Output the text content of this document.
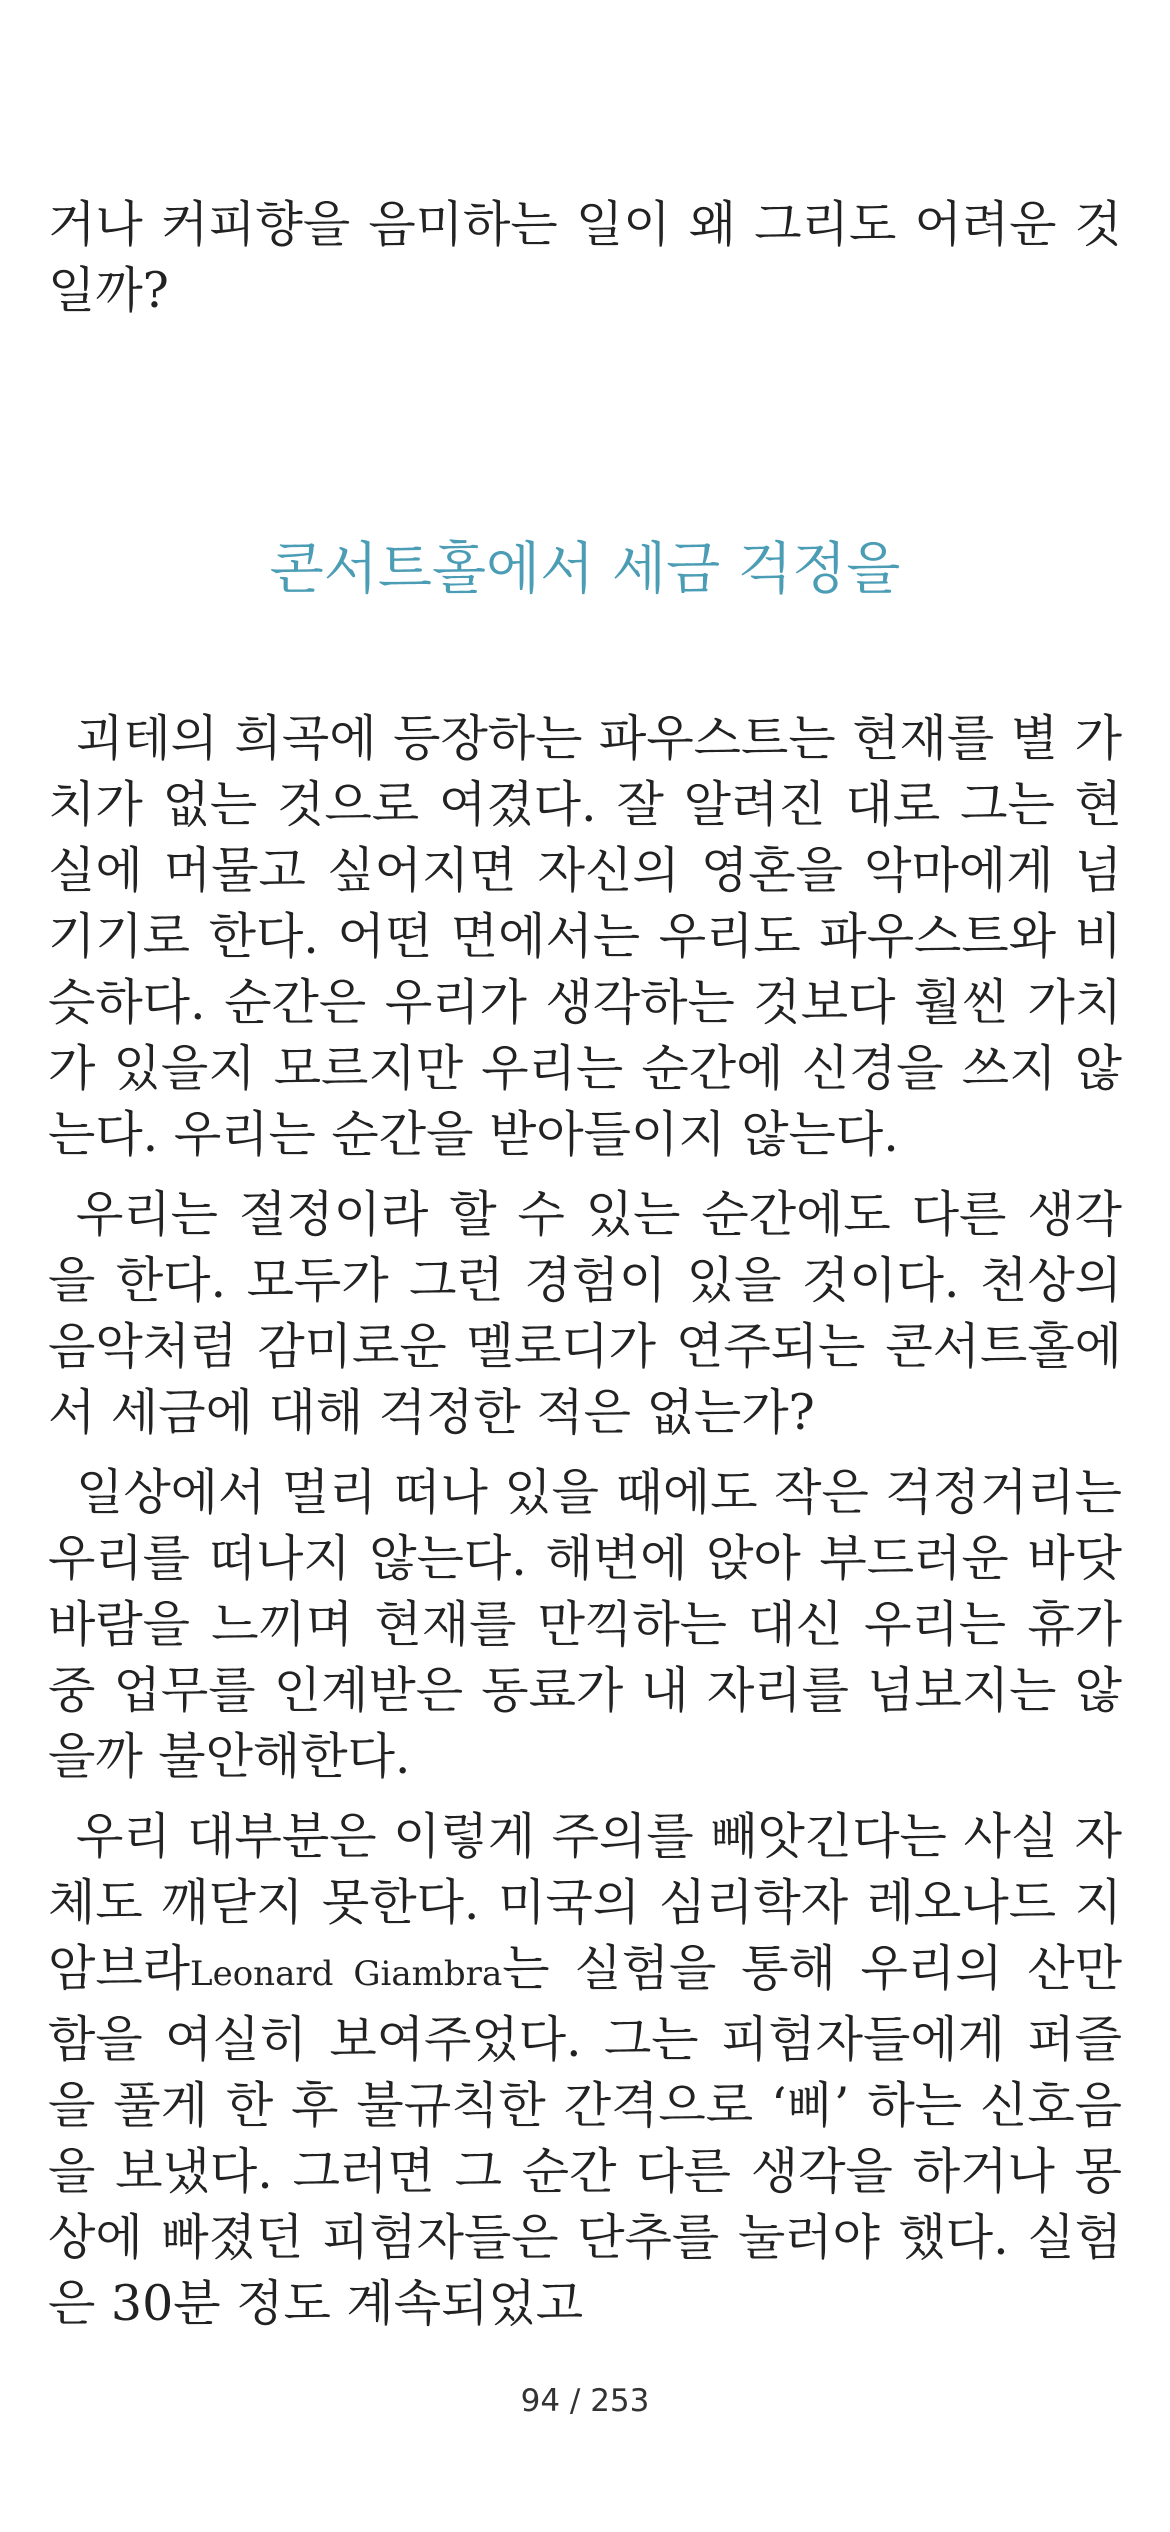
거나 커피향을 음미하는 일이 왜 그리도 어려운 것일까?

콘서트홀에서 세금 걱정을

괴테의 희곡에 등장하는 파우스트는 현재를 별 가치가 없는 것으로 여겼다. 잘 알려진 대로 그는 현실에 머물고 싶어지면 자신의 영혼을 악마에게 넘기기로 한다. 어떤 면에서는 우리도 파우스트와 비슷하다. 순간은 우리가 생각하는 것보다 훨씬 가치가 있을지 모르지만 우리는 순간에 신경을 쓰지 않는다. 우리는 순간을 받아들이지 않는다.

우리는 절정이라 할 수 있는 순간에도 다른 생각을 한다. 모두가 그런 경험이 있을 것이다. 천상의 음악처럼 감미로운 멜로디가 연주되는 콘서트홀에서 세금에 대해 걱정한 적은 없는가?

일상에서 멀리 떠나 있을 때에도 작은 걱정거리는 우리를 떠나지 않는다. 해변에 앉아 부드러운 바닷바람을 느끼며 현재를 만끽하는 대신 우리는 휴가 중 업무를 인계받은 동료가 내 자리를 넘보지는 않을까 불안해한다.

우리 대부분은 이렇게 주의를 빼앗긴다는 사실 자체도 깨닫지 못한다. 미국의 심리학자 레오나드 지암브라Leonard Giambra는 실험을 통해 우리의 산만함을 여실히 보여주었다. 그는 피험자들에게 퍼즐을 풀게 한 후 불규칙한 간격으로 ‘삐’ 하는 신호음을 보냈다. 그러면 그 순간 다른 생각을 하거나 몽상에 빠졌던 피험자들은 단추를 눌러야 했다. 실험은 30분 정도 계속되었고

94 / 253
